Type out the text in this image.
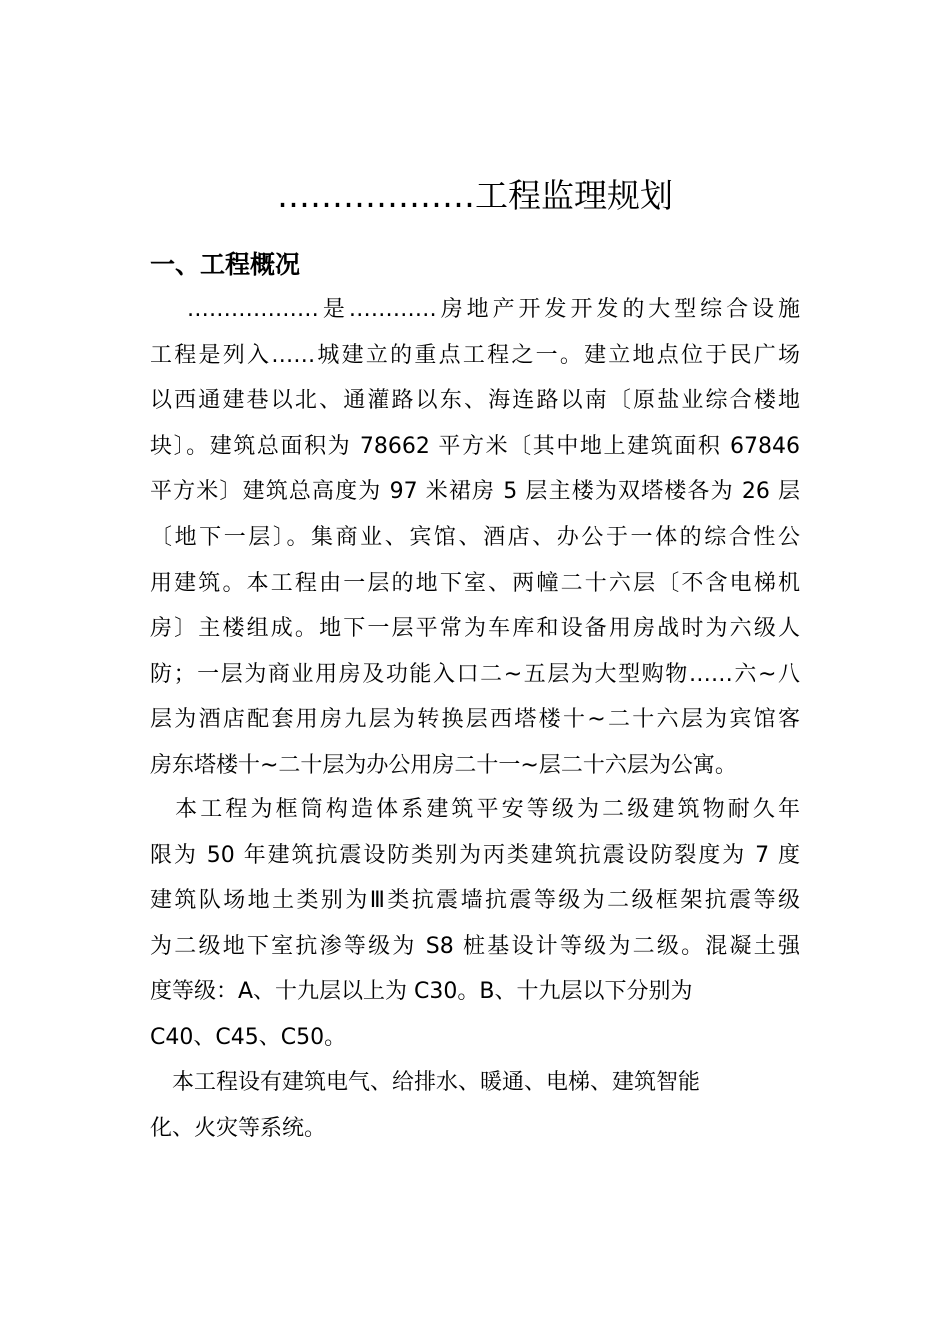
………………工程监理规划
一、工程概况
　 ………………是…………房地产开发开发的大型综合设施
工程是列入……城建立的重点工程之一。建立地点位于民广场
以西通建巷以北、通灌路以东、海连路以南〔原盐业综合楼地
块〕。建筑总面积为 78662 平方米〔其中地上建筑面积 67846
平方米〕建筑总高度为 97 米裙房 5 层主楼为双塔楼各为 26 层
〔地下一层〕。集商业、宾馆、酒店、办公于一体的综合性公
用建筑。本工程由一层的地下室、两幢二十六层〔不含电梯机
房〕主楼组成。地下一层平常为车库和设备用房战时为六级人
防；一层为商业用房及功能入口二~五层为大型购物……六~八
层为酒店配套用房九层为转换层西塔楼十~二十六层为宾馆客
房东塔楼十~二十层为办公用房二十一~层二十六层为公寓。
　本工程为框筒构造体系建筑平安等级为二级建筑物耐久年
限为 50 年建筑抗震设防类别为丙类建筑抗震设防裂度为 7 度
建筑队场地土类别为Ⅲ类抗震墙抗震等级为二级框架抗震等级
为二级地下室抗渗等级为 S8 桩基设计等级为二级。混凝土强
度等级：A、十九层以上为 C30。B、十九层以下分别为
C40、C45、C50。
　本工程设有建筑电气、给排水、暖通、电梯、建筑智能
化、火灾等系统。
